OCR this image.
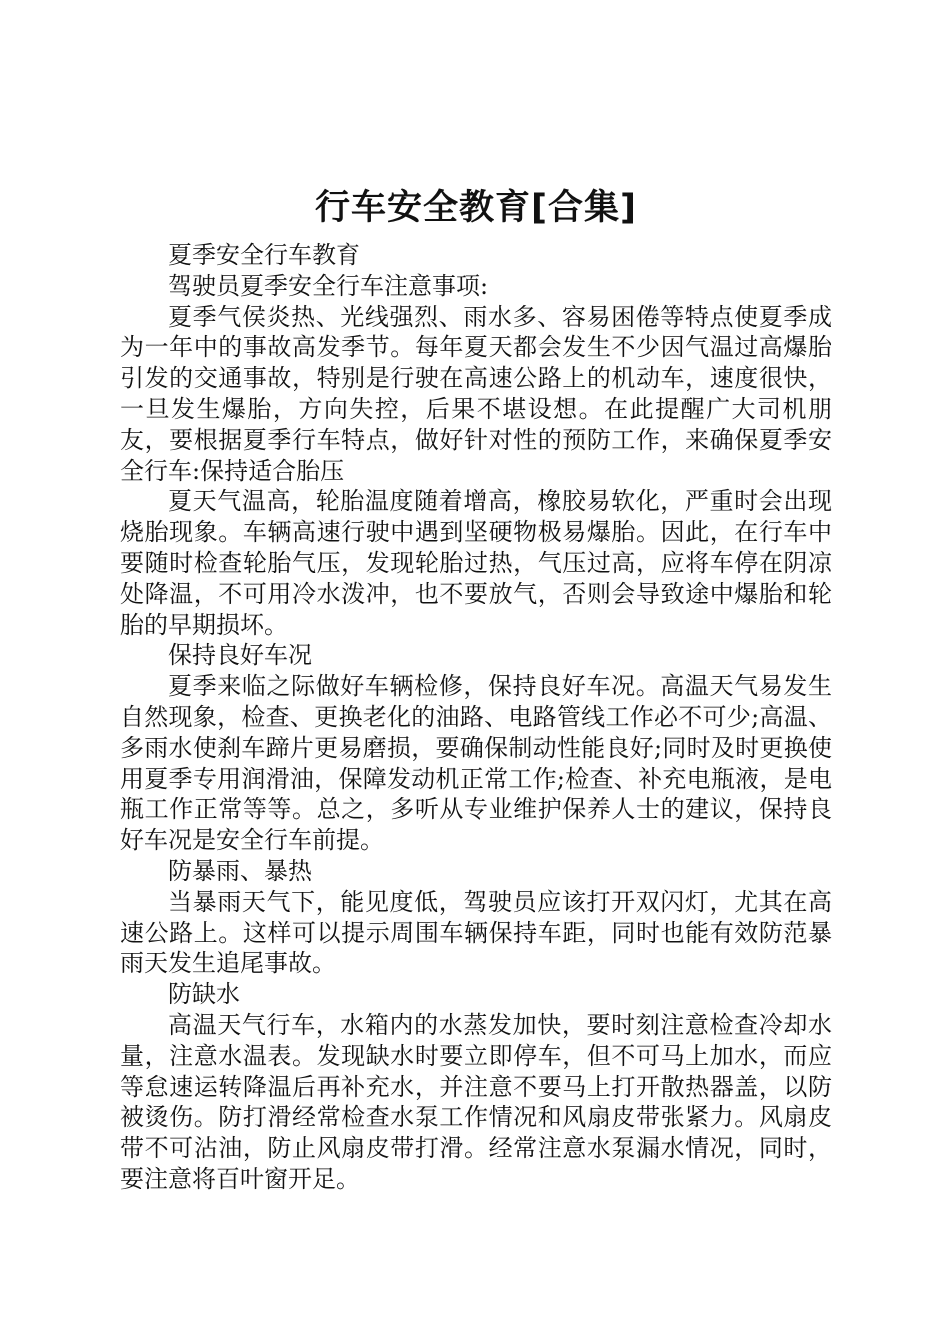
行车安全教育[合集]

夏季安全行车教育

驾驶员夏季安全行车注意事项:

夏季气侯炎热、光线强烈、雨水多、容易困倦等特点使夏季成为一年中的事故高发季节。每年夏天都会发生不少因气温过高爆胎引发的交通事故，特别是行驶在高速公路上的机动车，速度很快，一旦发生爆胎，方向失控，后果不堪设想。在此提醒广大司机朋友，要根据夏季行车特点，做好针对性的预防工作，来确保夏季安全行车:保持适合胎压

夏天气温高，轮胎温度随着增高，橡胶易软化，严重时会出现烧胎现象。车辆高速行驶中遇到坚硬物极易爆胎。因此，在行车中要随时检查轮胎气压，发现轮胎过热，气压过高，应将车停在阴凉处降温，不可用冷水泼冲，也不要放气，否则会导致途中爆胎和轮胎的早期损坏。

保持良好车况

夏季来临之际做好车辆检修，保持良好车况。高温天气易发生自然现象，检查、更换老化的油路、电路管线工作必不可少;高温、多雨水使刹车蹄片更易磨损，要确保制动性能良好;同时及时更换使用夏季专用润滑油，保障发动机正常工作;检查、补充电瓶液，是电瓶工作正常等等。总之，多听从专业维护保养人士的建议，保持良好车况是安全行车前提。

防暴雨、暴热

当暴雨天气下，能见度低，驾驶员应该打开双闪灯，尤其在高速公路上。这样可以提示周围车辆保持车距，同时也能有效防范暴雨天发生追尾事故。

防缺水

高温天气行车，水箱内的水蒸发加快，要时刻注意检查冷却水量，注意水温表。发现缺水时要立即停车，但不可马上加水，而应等怠速运转降温后再补充水，并注意不要马上打开散热器盖，以防被烫伤。防打滑经常检查水泵工作情况和风扇皮带张紧力。风扇皮带不可沾油，防止风扇皮带打滑。经常注意水泵漏水情况，同时，要注意将百叶窗开足。
